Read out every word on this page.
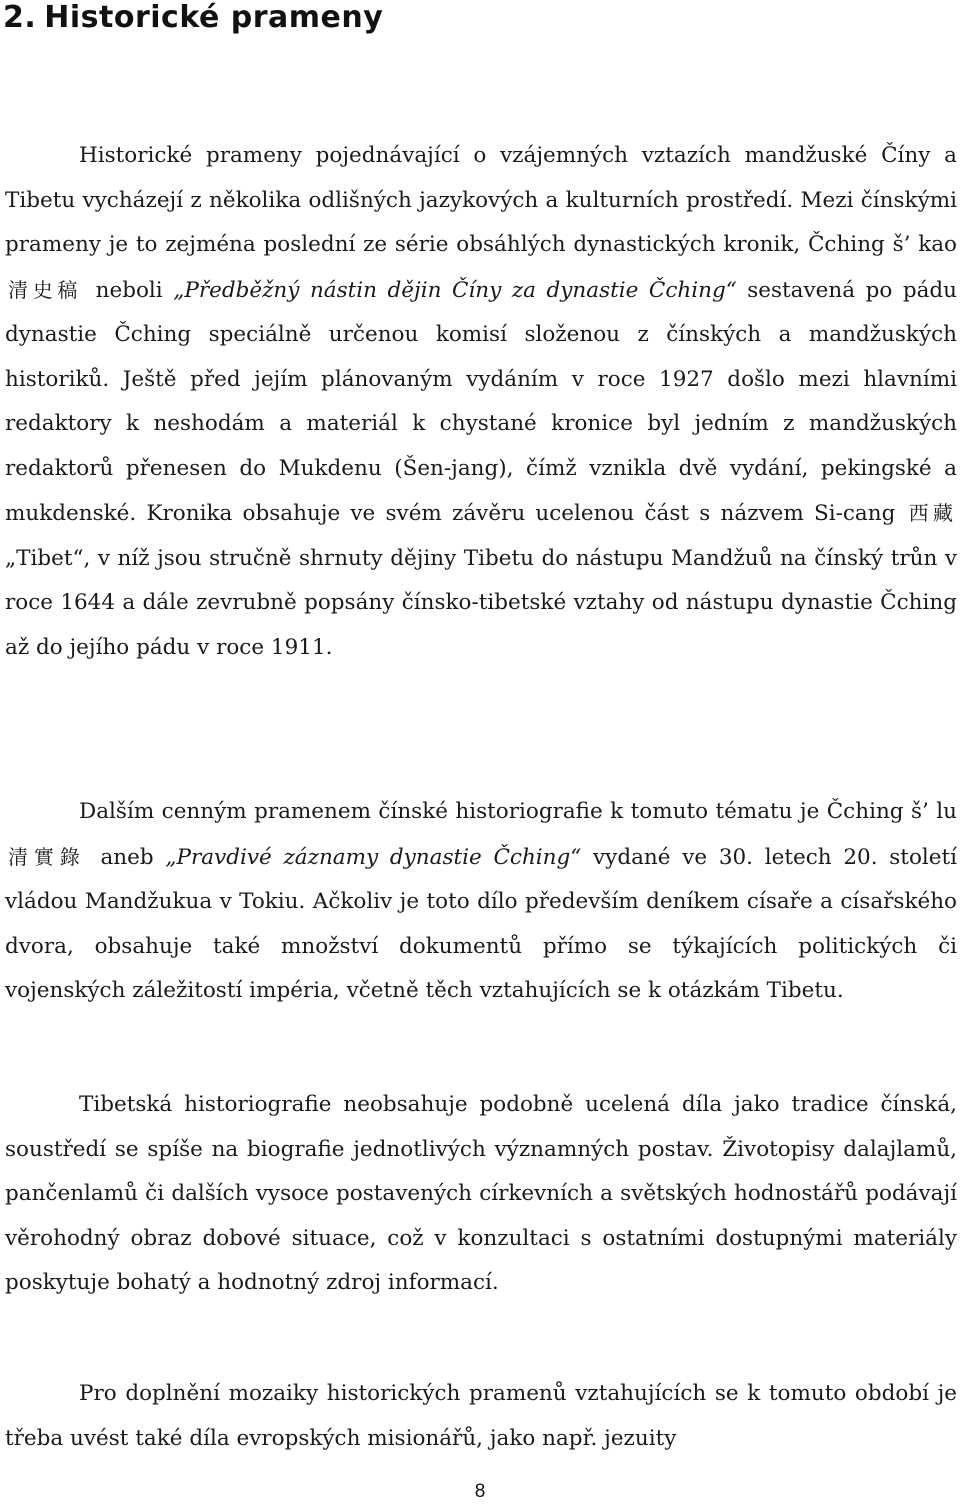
2. Historické prameny

Historické prameny pojednávající o vzájemných vztazích mandžuské Číny a Tibetu vycházejí z několika odlišných jazykových a kulturních prostředí. Mezi čínskými prameny je to zejména poslední ze série obsáhlých dynastických kronik, Čching š’ kao 清史稿 neboli „Předběžný nástin dějin Číny za dynastie Čching“ sestavená po pádu dynastie Čching speciálně určenou komisí složenou z čínských a mandžuských historiků. Ještě před jejím plánovaným vydáním v roce 1927 došlo mezi hlavními redaktory k neshodám a materiál k chystané kronice byl jedním z mandžuských redaktorů přenesen do Mukdenu (Šen-jang), čímž vznikla dvě vydání, pekingské a mukdenské. Kronika obsahuje ve svém závěru ucelenou část s názvem Si-cang 西藏 „Tibet“, v níž jsou stručně shrnuty dějiny Tibetu do nástupu Mandžuů na čínský trůn v roce 1644 a dále zevrubně popsány čínsko-tibetské vztahy od nástupu dynastie Čching až do jejího pádu v roce 1911.

Dalším cenným pramenem čínské historiografie k tomuto tématu je Čching š’ lu 清實錄 aneb „Pravdivé záznamy dynastie Čching“ vydané ve 30. letech 20. století vládou Mandžukua v Tokiu. Ačkoliv je toto dílo především deníkem císaře a císařského dvora, obsahuje také množství dokumentů přímo se týkajících politických či vojenských záležitostí impéria, včetně těch vztahujících se k otázkám Tibetu.

Tibetská historiografie neobsahuje podobně ucelená díla jako tradice čínská, soustředí se spíše na biografie jednotlivých významných postav. Životopisy dalajlamů, pančenlamů či dalších vysoce postavených církevních a světských hodnostářů podávají věrohodný obraz dobové situace, což v konzultaci s ostatními dostupnými materiály poskytuje bohatý a hodnotný zdroj informací.

Pro doplnění mozaiky historických pramenů vztahujících se k tomuto období je třeba uvést také díla evropských misionářů, jako např. jezuity

8
